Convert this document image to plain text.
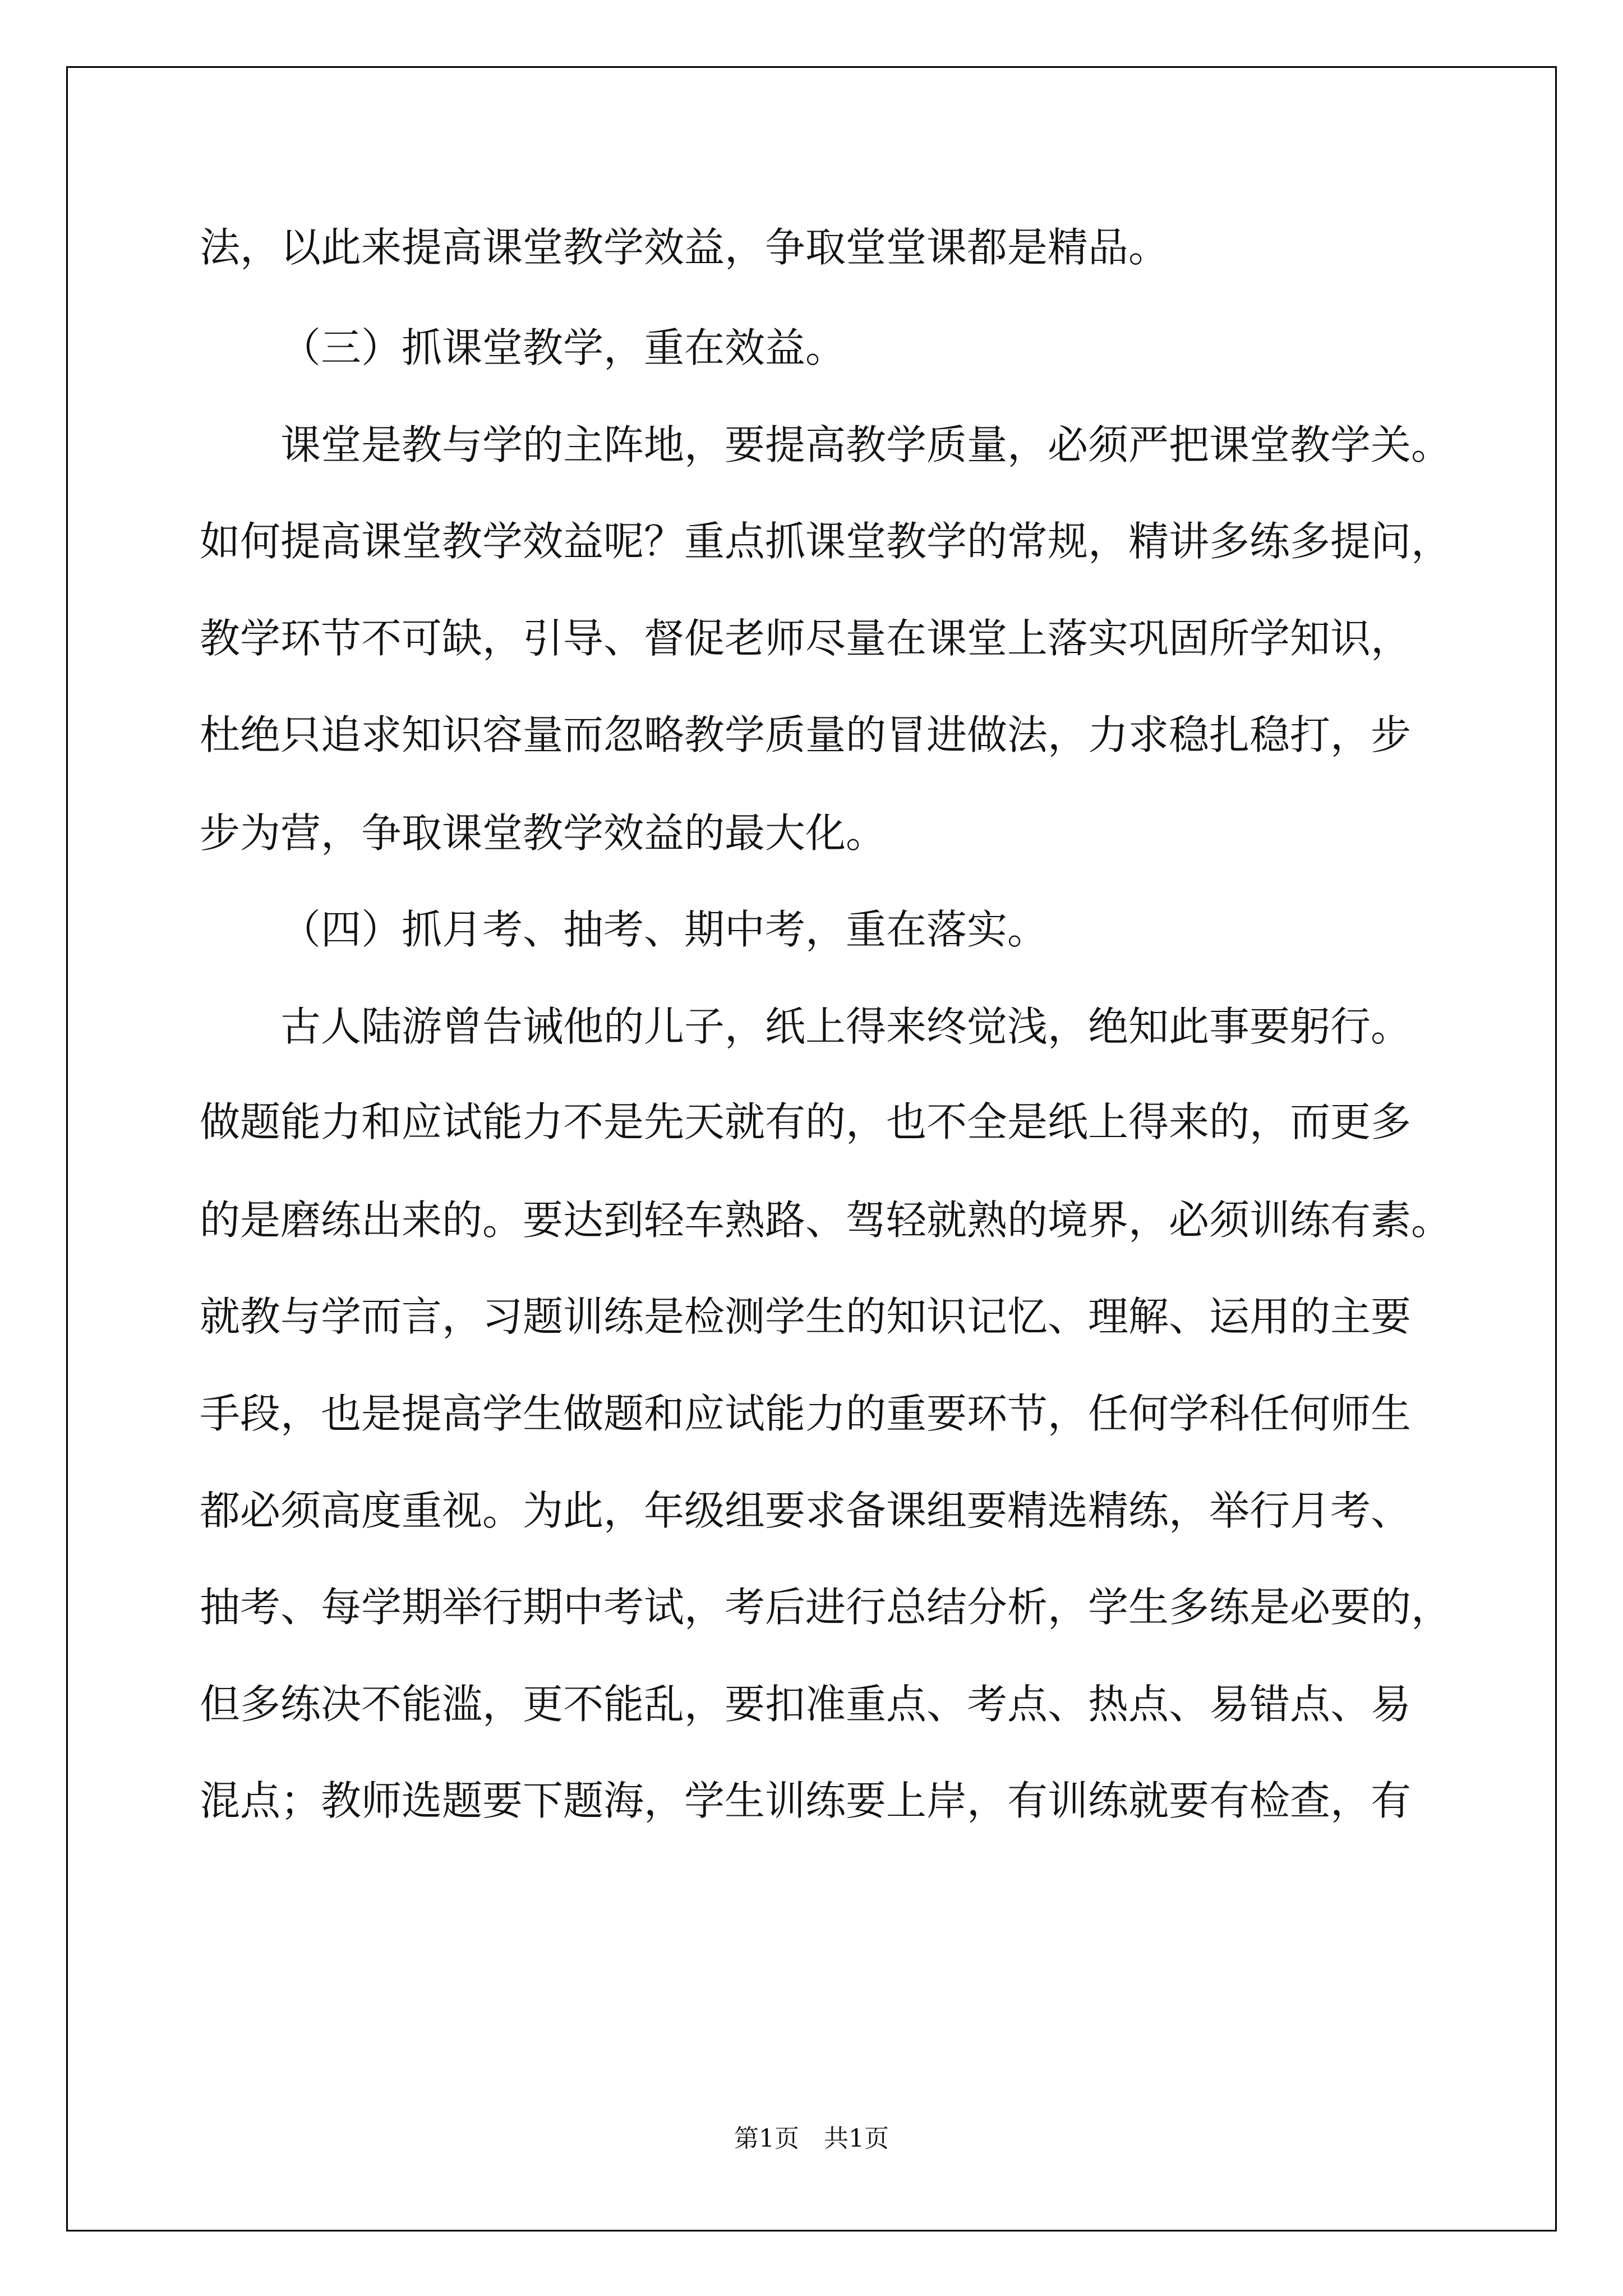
法，以此来提高课堂教学效益，争取堂堂课都是精品。
（三）抓课堂教学，重在效益。
课堂是教与学的主阵地，要提高教学质量，必须严把课堂教学关。
如何提高课堂教学效益呢？重点抓课堂教学的常规，精讲多练多提问，
教学环节不可缺，引导、督促老师尽量在课堂上落实巩固所学知识，
杜绝只追求知识容量而忽略教学质量的冒进做法，力求稳扎稳打，步
步为营，争取课堂教学效益的最大化。
（四）抓月考、抽考、期中考，重在落实。
古人陆游曾告诫他的儿子，纸上得来终觉浅，绝知此事要躬行。
做题能力和应试能力不是先天就有的，也不全是纸上得来的，而更多
的是磨练出来的。要达到轻车熟路、驾轻就熟的境界，必须训练有素。
就教与学而言，习题训练是检测学生的知识记忆、理解、运用的主要
手段，也是提高学生做题和应试能力的重要环节，任何学科任何师生
都必须高度重视。为此，年级组要求备课组要精选精练，举行月考、
抽考、每学期举行期中考试，考后进行总结分析，学生多练是必要的，
但多练决不能滥，更不能乱，要扣准重点、考点、热点、易错点、易
混点；教师选题要下题海，学生训练要上岸，有训练就要有检查，有
第1页　共1页
